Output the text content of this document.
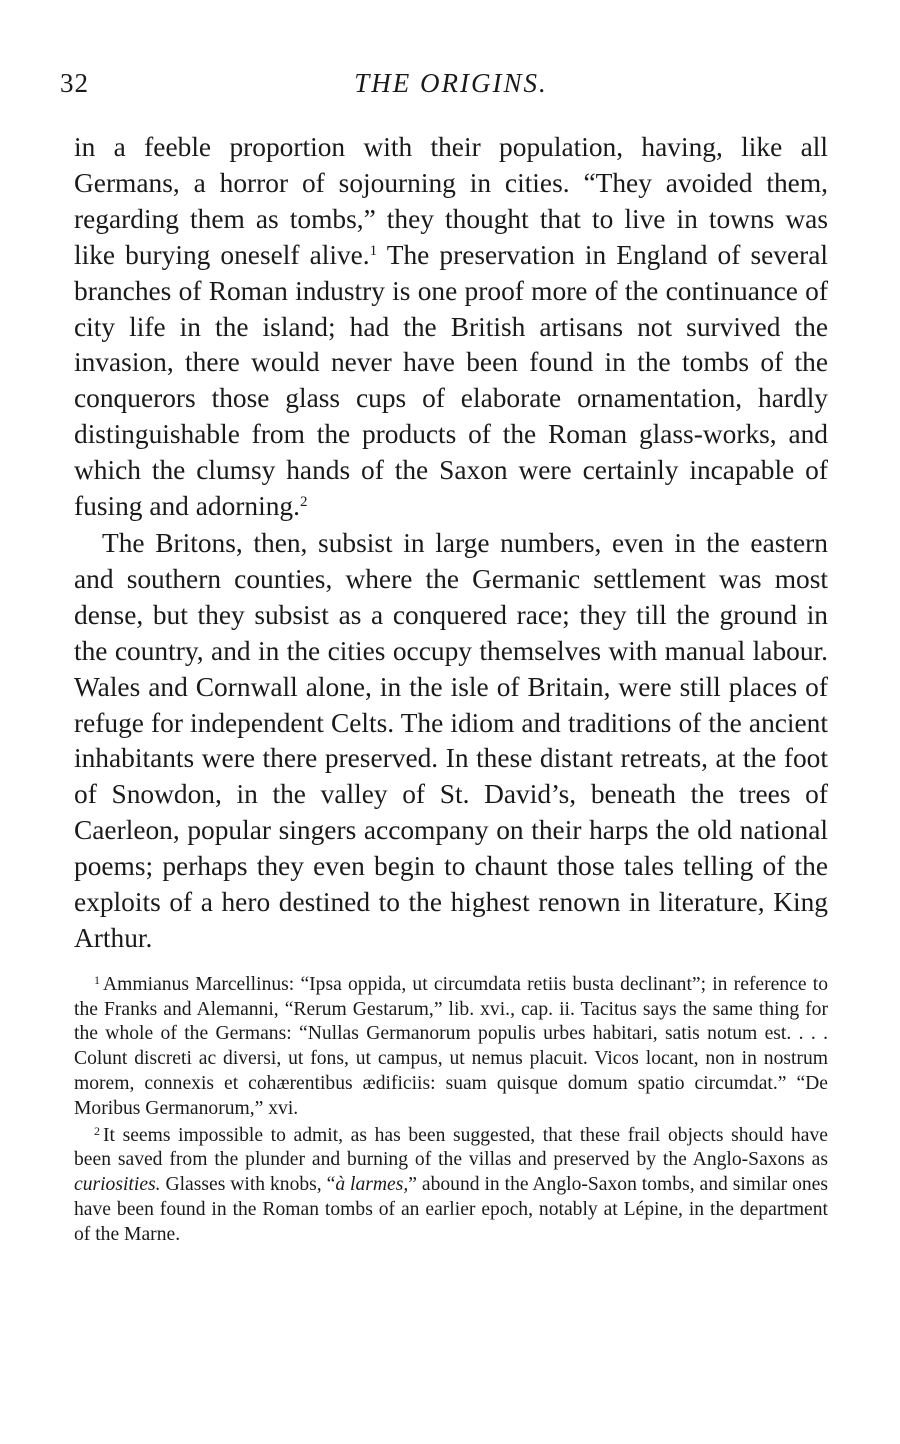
32	THE ORIGINS.

in a feeble proportion with their population, having, like all Germans, a horror of sojourning in cities. “They avoided them, regarding them as tombs,” they thought that to live in towns was like burying oneself alive.$^1$ The preservation in England of several branches of Roman industry is one proof more of the continuance of city life in the island; had the British artisans not survived the invasion, there would never have been found in the tombs of the conquerors those glass cups of elaborate ornamentation, hardly distinguishable from the products of the Roman glass-works, and which the clumsy hands of the Saxon were certainly incapable of fusing and adorning.$^2$

The Britons, then, subsist in large numbers, even in the eastern and southern counties, where the Germanic settlement was most dense, but they subsist as a conquered race; they till the ground in the country, and in the cities occupy themselves with manual labour. Wales and Cornwall alone, in the isle of Britain, were still places of refuge for independent Celts. The idiom and traditions of the ancient inhabitants were there preserved. In these distant retreats, at the foot of Snowdon, in the valley of St. David’s, beneath the trees of Caerleon, popular singers accompany on their harps the old national poems; perhaps they even begin to chaunt those tales telling of the exploits of a hero destined to the highest renown in literature, King Arthur.

$^1$ Ammianus Marcellinus: “Ipsa oppida, ut circumdata retiis busta declinant”; in reference to the Franks and Alemanni, “Rerum Gestarum,” lib. xvi., cap. ii. Tacitus says the same thing for the whole of the Germans: “Nullas Germanorum populis urbes habitari, satis notum est. . . . Colunt discreti ac diversi, ut fons, ut campus, ut nemus placuit. Vicos locant, non in nostrum morem, connexis et cohærentibus ædificiis: suam quisque domum spatio circumdat.” “De Moribus Germanorum,” xvi.

$^2$ It seems impossible to admit, as has been suggested, that these frail objects should have been saved from the plunder and burning of the villas and preserved by the Anglo-Saxons as curiosities. Glasses with knobs, “à larmes,” abound in the Anglo-Saxon tombs, and similar ones have been found in the Roman tombs of an earlier epoch, notably at Lépine, in the department of the Marne.
